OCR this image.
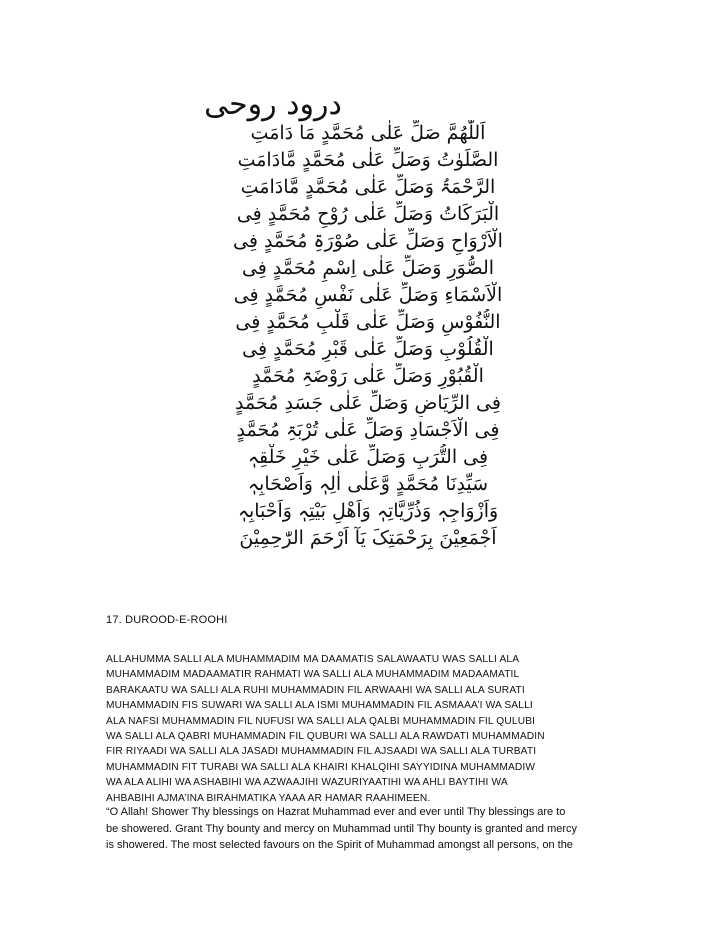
درود روحی
اَللّٰھُمَّ صَلِّ عَلٰی مُحَمَّدٍ مَا دَامَتِ
الصَّلَوٰتُ وَصَلِّ عَلٰی مُحَمَّدٍ مَّادَامَتِ
الرَّحْمَۃُ وَصَلِّ عَلٰی مُحَمَّدٍ مَّادَامَتِ
الْبَرَکَاتُ وَصَلِّ عَلٰی رُوْحِ مُحَمَّدٍ فِی
الْاَرْوَاحِ وَصَلِّ عَلٰی صُوْرَۃِ مُحَمَّدٍ فِی
الصُّوَرِ وَصَلِّ عَلٰی اِسْمِ مُحَمَّدٍ فِی
الْاَسْمَاءِ وَصَلِّ عَلٰی نَفْسِ مُحَمَّدٍ فِی
النُّفُوْسِ وَصَلِّ عَلٰی قَلْبِ مُحَمَّدٍ فِی
الْقُلُوْبِ وَصَلِّ عَلٰی قَبْرِ مُحَمَّدٍ فِی
الْقُبُوْرِ وَصَلِّ عَلٰی رَوْضَۃِ مُحَمَّدٍ
فِی الرِّیَاضِ وَصَلِّ عَلٰی جَسَدِ مُحَمَّدٍ
فِی الْاَجْسَادِ وَصَلِّ عَلٰی تُرْبَۃِ مُحَمَّدٍ
فِی التُّرَبِ وَصَلِّ عَلٰی خَیْرِ خَلْقِہٖ
سَیِّدِنَا مُحَمَّدٍ وَّعَلٰی اٰلِہٖ وَاَصْحَابِہٖ
وَاَزْوَاجِہٖ وَذُرِّیَّاتِہٖ وَاَھْلِ بَیْتِہٖ وَاَحْبَابِہٖ
اَجْمَعِیْنَ بِرَحْمَتِکَ یَآ اَرْحَمَ الرّٰحِمِیْنَ
17. DUROOD-E-ROOHI

ALLAHUMMA SALLI ALA MUHAMMADIM MA DAAMATIS SALAWAATU WAS SALLI ALA
MUHAMMADIM MADAAMATIR RAHMATI WA SALLI ALA MUHAMMADIM MADAAMATIL
BARAKAATU WA SALLI ALA RUHI MUHAMMADIN FIL ARWAAHI WA SALLI ALA SURATI
MUHAMMADIN FIS SUWARI WA SALLI ALA ISMI MUHAMMADIN FIL ASMAAA’I WA SALLI
ALA NAFSI MUHAMMADIN FIL NUFUSI WA SALLI ALA QALBI MUHAMMADIN FIL QULUBI
WA SALLI ALA QABRI MUHAMMADIN FIL QUBURI WA SALLI ALA RAWDATI MUHAMMADIN
FIR RIYAADI WA SALLI ALA JASADI MUHAMMADIN FIL AJSAADI WA SALLI ALA TURBATI
MUHAMMADIN FIT TURABI WA SALLI ALA KHAIRI KHALQIHI SAYYIDINA MUHAMMADIW
WA ALA ALIHI WA ASHABIHI WA AZWAAJIHI WAZURIYAATIHI WA AHLI BAYTIHI WA
AHBABIHI AJMA’INA BIRAHMATIKA YAAA AR HAMAR RAAHIMEEN.

“O Allah! Shower Thy blessings on Hazrat Muhammad ever and ever until Thy blessings are to
be showered. Grant Thy bounty and mercy on Muhammad until Thy bounty is granted and mercy
is showered. The most selected favours on the Spirit of Muhammad amongst all persons, on the
